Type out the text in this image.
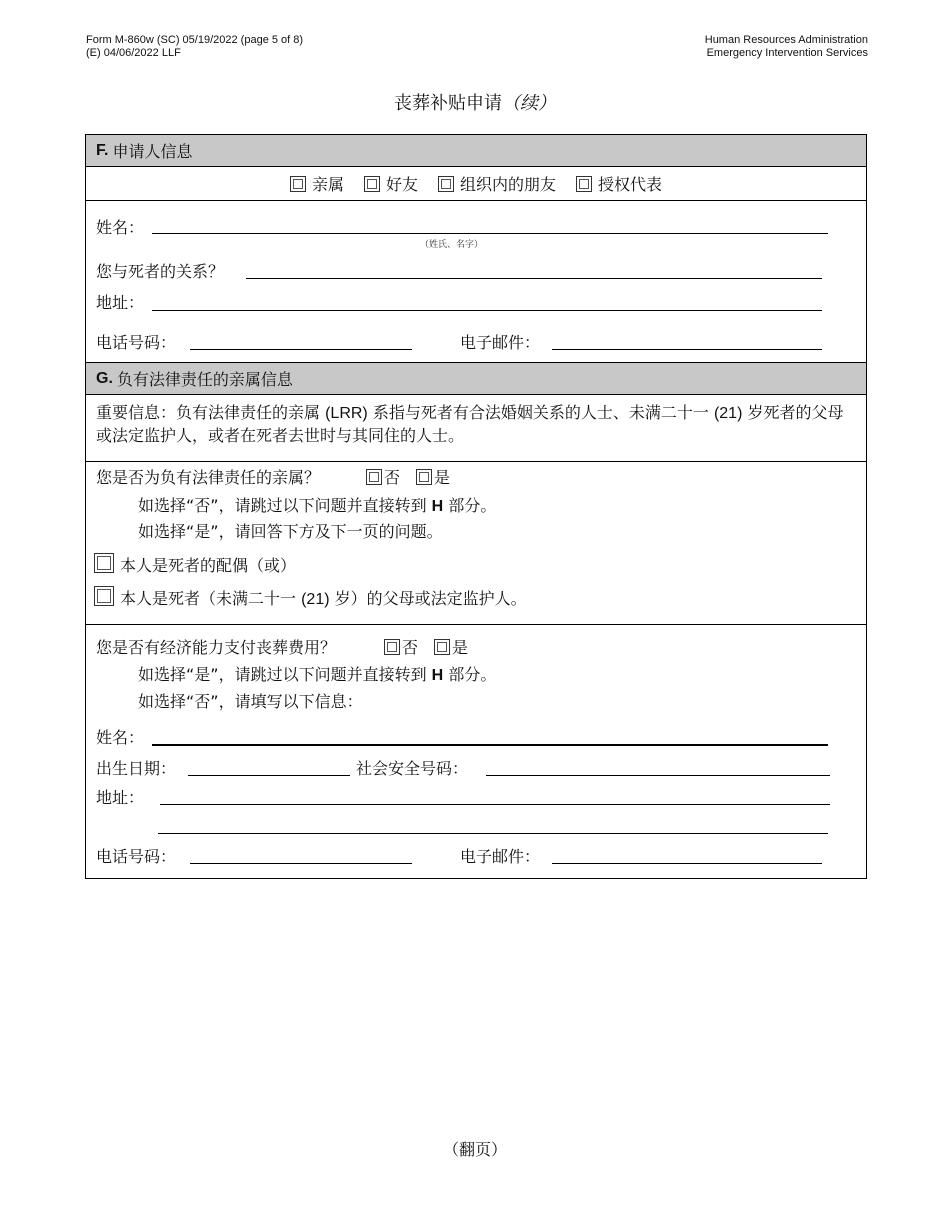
Form M-860w (SC) 05/19/2022 (page 5 of 8)
(E) 04/06/2022 LLF
Human Resources Administration
Emergency Intervention Services
丧葬补贴申请（续）
F. 申请人信息
亲属	好友	组织内的朋友	授权代表
姓名：
（姓氏、名字）
您与死者的关系？
地址：
电话号码：	电子邮件：
G. 负有法律责任的亲属信息
重要信息：负有法律责任的亲属 (LRR) 系指与死者有合法婚姻关系的人士、未满二十一 (21) 岁死者的父母或法定监护人，或者在死者去世时与其同住的人士。
您是否为负有法律责任的亲属？	否	是
如选择“否”，请跳过以下问题并直接转到 H 部分。
如选择“是”，请回答下方及下一页的问题。
本人是死者的配偶（或）
本人是死者（未满二十一 (21) 岁）的父母或法定监护人。
您是否有经济能力支付丧葬费用？	否	是
如选择“是”，请跳过以下问题并直接转到 H 部分。
如选择“否”，请填写以下信息：
姓名：
出生日期：	社会安全号码：
地址：
电话号码：	电子邮件：
（翻页）
